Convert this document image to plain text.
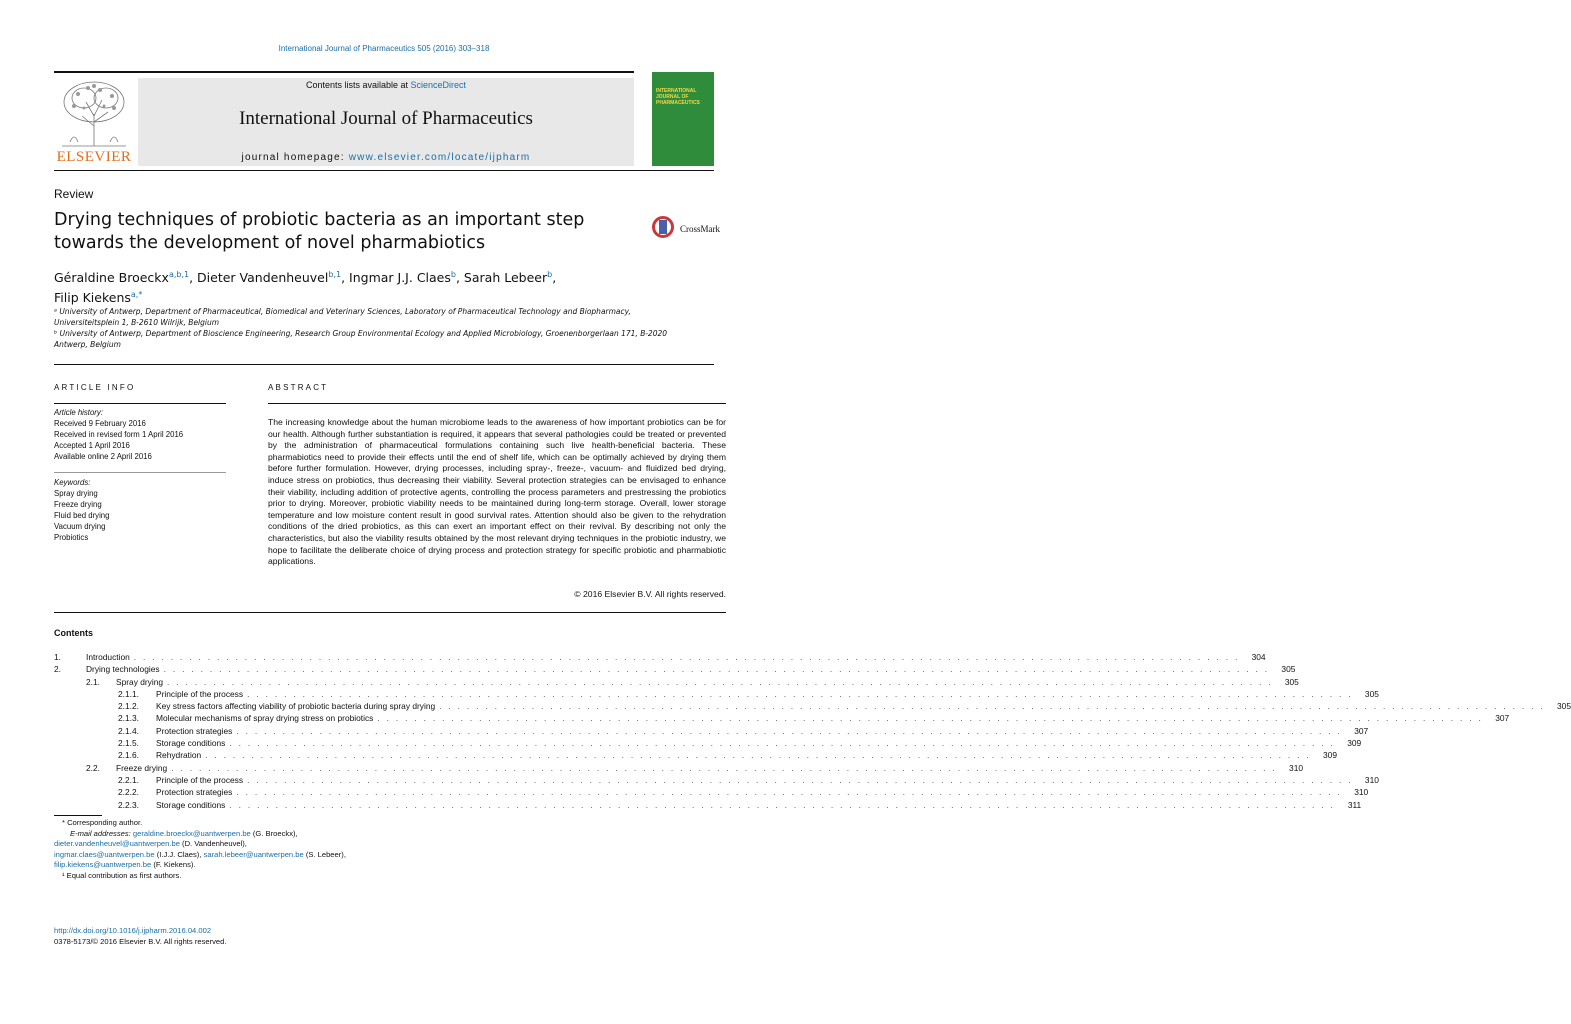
International Journal of Pharmaceutics 505 (2016) 303–318
ELSEVIER
Contents lists available at ScienceDirect
International Journal of Pharmaceutics
journal homepage: www.elsevier.com/locate/ijpharm
INTERNATIONAL JOURNAL OF PHARMACEUTICS
Review
Drying techniques of probiotic bacteria as an important step towards the development of novel pharmabiotics
CrossMark
Géraldine Broeckx$^{a,b,1}$, Dieter Vandenheuvel$^{b,1}$, Ingmar J.J. Claes$^b$, Sarah Lebeer$^b$,
Filip Kiekens$^{a,*}$
ᵃ University of Antwerp, Department of Pharmaceutical, Biomedical and Veterinary Sciences, Laboratory of Pharmaceutical Technology and Biopharmacy, Universiteitsplein 1, B-2610 Wilrijk, Belgium
ᵇ University of Antwerp, Department of Bioscience Engineering, Research Group Environmental Ecology and Applied Microbiology, Groenenborgerlaan 171, B-2020 Antwerp, Belgium
ARTICLE INFO
Article history:
Received 9 February 2016
Received in revised form 1 April 2016
Accepted 1 April 2016
Available online 2 April 2016
Keywords:
Spray drying
Freeze drying
Fluid bed drying
Vacuum drying
Probiotics
ABSTRACT
The increasing knowledge about the human microbiome leads to the awareness of how important probiotics can be for our health. Although further substantiation is required, it appears that several pathologies could be treated or prevented by the administration of pharmaceutical formulations containing such live health-beneficial bacteria. These pharmabiotics need to provide their effects until the end of shelf life, which can be optimally achieved by drying them before further formulation. However, drying processes, including spray-, freeze-, vacuum- and fluidized bed drying, induce stress on probiotics, thus decreasing their viability. Several protection strategies can be envisaged to enhance their viability, including addition of protective agents, controlling the process parameters and prestressing the probiotics prior to drying. Moreover, probiotic viability needs to be maintained during long-term storage. Overall, lower storage temperature and low moisture content result in good survival rates. Attention should also be given to the rehydration conditions of the dried probiotics, as this can exert an important effect on their revival. By describing not only the characteristics, but also the viability results obtained by the most relevant drying techniques in the probiotic industry, we hope to facilitate the deliberate choice of drying process and protection strategy for specific probiotic and pharmabiotic applications.
© 2016 Elsevier B.V. All rights reserved.
Contents
1.	Introduction . . . . . . . . . . . . . . . . . . . . . . . . . . . . . . . . . . . . . . . . . . . . . . . . . . . . . . . . . . . . . . . . . . . . . . . . . . . . . . . . . . . . . . . . . . . . . . . . . . . . . . . . . . . . . . . . . . . . . . . .	304
2.	Drying technologies . . . . . . . . . . . . . . . . . . . . . . . . . . . . . . . . . . . . . . . . . . . . . . . . . . . . . . . . . . . . . . . . . . . . . . . . . . . . . . . . . . . . . . . . . . . . . . . . . . . . . . . . . . . . . . . . . . . . . . . .	305
2.1.	Spray drying . . . . . . . . . . . . . . . . . . . . . . . . . . . . . . . . . . . . . . . . . . . . . . . . . . . . . . . . . . . . . . . . . . . . . . . . . . . . . . . . . . . . . . . . . . . . . . . . . . . . . . . . . . . . . . . . . . . . . . . .	305
2.1.1.	Principle of the process . . . . . . . . . . . . . . . . . . . . . . . . . . . . . . . . . . . . . . . . . . . . . . . . . . . . . . . . . . . . . . . . . . . . . . . . . . . . . . . . . . . . . . . . . . . . . . . . . . . . . . . . . . . . . . . . . . . . . . . .	305
2.1.2.	Key stress factors affecting viability of probiotic bacteria during spray drying . . . . . . . . . . . . . . . . . . . . . . . . . . . . . . . . . . . . . . . . . . . . . . . . . . . . . . . . . . . . . . . . . . . . . . . . . . . . . . . . . . . . . . . . . . . . . . . . . . . . . . . . . . . . . . . . . . . . . . . .	305
2.1.3.	Molecular mechanisms of spray drying stress on probiotics . . . . . . . . . . . . . . . . . . . . . . . . . . . . . . . . . . . . . . . . . . . . . . . . . . . . . . . . . . . . . . . . . . . . . . . . . . . . . . . . . . . . . . . . . . . . . . . . . . . . . . . . . . . . . . . . . . . . . . . .	307
2.1.4.	Protection strategies . . . . . . . . . . . . . . . . . . . . . . . . . . . . . . . . . . . . . . . . . . . . . . . . . . . . . . . . . . . . . . . . . . . . . . . . . . . . . . . . . . . . . . . . . . . . . . . . . . . . . . . . . . . . . . . . . . . . . . . .	307
2.1.5.	Storage conditions . . . . . . . . . . . . . . . . . . . . . . . . . . . . . . . . . . . . . . . . . . . . . . . . . . . . . . . . . . . . . . . . . . . . . . . . . . . . . . . . . . . . . . . . . . . . . . . . . . . . . . . . . . . . . . . . . . . . . . . .	309
2.1.6.	Rehydration . . . . . . . . . . . . . . . . . . . . . . . . . . . . . . . . . . . . . . . . . . . . . . . . . . . . . . . . . . . . . . . . . . . . . . . . . . . . . . . . . . . . . . . . . . . . . . . . . . . . . . . . . . . . . . . . . . . . . . . .	309
2.2.	Freeze drying . . . . . . . . . . . . . . . . . . . . . . . . . . . . . . . . . . . . . . . . . . . . . . . . . . . . . . . . . . . . . . . . . . . . . . . . . . . . . . . . . . . . . . . . . . . . . . . . . . . . . . . . . . . . . . . . . . . . . . . .	310
2.2.1.	Principle of the process . . . . . . . . . . . . . . . . . . . . . . . . . . . . . . . . . . . . . . . . . . . . . . . . . . . . . . . . . . . . . . . . . . . . . . . . . . . . . . . . . . . . . . . . . . . . . . . . . . . . . . . . . . . . . . . . . . . . . . . .	310
2.2.2.	Protection strategies . . . . . . . . . . . . . . . . . . . . . . . . . . . . . . . . . . . . . . . . . . . . . . . . . . . . . . . . . . . . . . . . . . . . . . . . . . . . . . . . . . . . . . . . . . . . . . . . . . . . . . . . . . . . . . . . . . . . . . . .	310
2.2.3.	Storage conditions . . . . . . . . . . . . . . . . . . . . . . . . . . . . . . . . . . . . . . . . . . . . . . . . . . . . . . . . . . . . . . . . . . . . . . . . . . . . . . . . . . . . . . . . . . . . . . . . . . . . . . . . . . . . . . . . . . . . . . . .	311
* Corresponding author.
E-mail addresses: geraldine.broeckx@uantwerpen.be (G. Broeckx),
dieter.vandenheuvel@uantwerpen.be (D. Vandenheuvel),
ingmar.claes@uantwerpen.be (I.J.J. Claes), sarah.lebeer@uantwerpen.be (S. Lebeer),
filip.kiekens@uantwerpen.be (F. Kiekens).
¹ Equal contribution as first authors.
http://dx.doi.org/10.1016/j.ijpharm.2016.04.002
0378-5173/© 2016 Elsevier B.V. All rights reserved.
